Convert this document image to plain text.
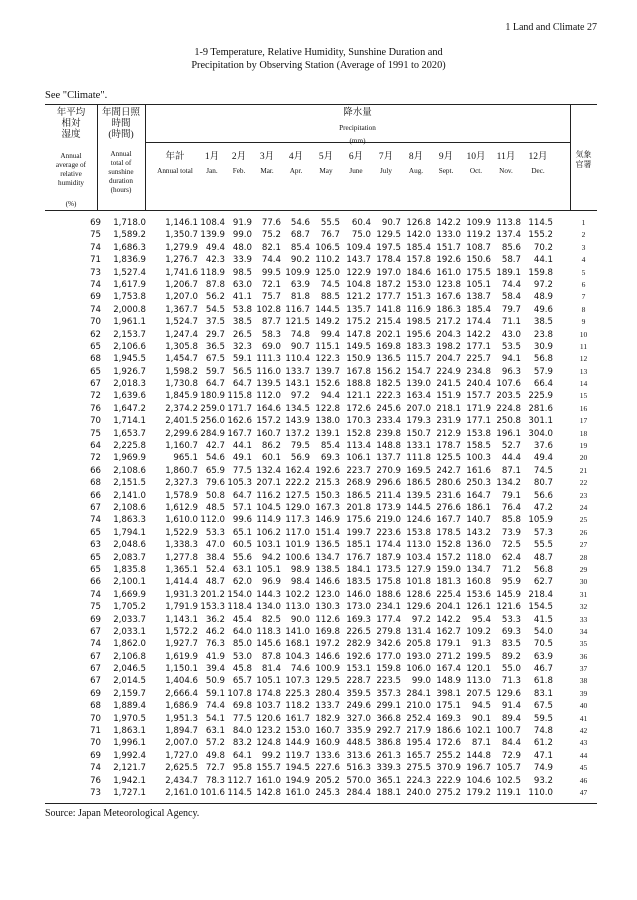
1 Land and Climate 27
1-9 Temperature, Relative Humidity, Sunshine Duration and
Precipitation by Observing Station (Average of 1991 to 2020)
See "Climate".
年平均
相対
湿度
Annual
average of
relative
humidity
(%)
年間日照
時間
(時間)
Annual
total of
sunshine
duration
(hours)
降水量
Precipitation
(mm)
気象
官署
年計
Annual total
1月
Jan.
2月
Feb.
3月
Mar.
4月
Apr.
5月
May
6月
June
7月
July
8月
Aug.
9月
Sept.
10月
Oct.
11月
Nov.
12月
Dec.
69 1,718.0 1,146.1 108.4 91.9 77.6 54.6 55.5 60.4 90.7 126.8 142.2 109.9 113.8 114.5	1
75 1,589.2 1,350.7 139.9 99.0 75.2 68.7 76.7 75.0 129.5 142.0 133.0 119.2 137.4 155.2	2
74 1,686.3 1,279.9 49.4 48.0 82.1 85.4 106.5 109.4 197.5 185.4 151.7 108.7 85.6 70.2	3
71 1,836.9 1,276.7 42.3 33.9 74.4 90.2 110.2 143.7 178.4 157.8 192.6 150.6 58.7 44.1	4
73 1,527.4 1,741.6 118.9 98.5 99.5 109.9 125.0 122.9 197.0 184.6 161.0 175.5 189.1 159.8	5
74 1,617.9 1,206.7 87.8 63.0 72.1 63.9 74.5 104.8 187.2 153.0 123.8 105.1 74.4 97.2	6
69 1,753.8 1,207.0 56.2 41.1 75.7 81.8 88.5 121.2 177.7 151.3 167.6 138.7 58.4 48.9	7
74 2,000.8 1,367.7 54.5 53.8 102.8 116.7 144.5 135.7 141.8 116.9 186.3 185.4 79.7 49.6	8
70 1,961.1 1,524.7 37.5 38.5 87.7 121.5 149.2 175.2 215.4 198.5 217.2 174.4 71.1 38.5	9
62 2,153.7 1,247.4 29.7 26.5 58.3 74.8 99.4 147.8 202.1 195.6 204.3 142.2 43.0 23.8	10
65 2,106.6 1,305.8 36.5 32.3 69.0 90.7 115.1 149.5 169.8 183.3 198.2 177.1 53.5 30.9	11
68 1,945.5 1,454.7 67.5 59.1 111.3 110.4 122.3 150.9 136.5 115.7 204.7 225.7 94.1 56.8	12
65 1,926.7 1,598.2 59.7 56.5 116.0 133.7 139.7 167.8 156.2 154.7 224.9 234.8 96.3 57.9	13
67 2,018.3 1,730.8 64.7 64.7 139.5 143.1 152.6 188.8 182.5 139.0 241.5 240.4 107.6 66.4	14
72 1,639.6 1,845.9 180.9 115.8 112.0 97.2 94.4 121.1 222.3 163.4 151.9 157.7 203.5 225.9	15
76 1,647.2 2,374.2 259.0 171.7 164.6 134.5 122.8 172.6 245.6 207.0 218.1 171.9 224.8 281.6	16
70 1,714.1 2,401.5 256.0 162.6 157.2 143.9 138.0 170.3 233.4 179.3 231.9 177.1 250.8 301.1	17
75 1,653.7 2,299.6 284.9 167.7 160.7 137.2 139.1 152.8 239.8 150.7 212.9 153.8 196.1 304.0	18
64 2,225.8 1,160.7 42.7 44.1 86.2 79.5 85.4 113.4 148.8 133.1 178.7 158.5 52.7 37.6	19
72 1,969.9	965.1 54.6 49.1 60.1 56.9 69.3 106.1 137.7 111.8 125.5 100.3 44.4 49.4	20
66 2,108.6 1,860.7 65.9 77.5 132.4 162.4 192.6 223.7 270.9 169.5 242.7 161.6 87.1 74.5	21
68 2,151.5 2,327.3 79.6 105.3 207.1 222.2 215.3 268.9 296.6 186.5 280.6 250.3 134.2 80.7	22
66 2,141.0 1,578.9 50.8 64.7 116.2 127.5 150.3 186.5 211.4 139.5 231.6 164.7 79.1 56.6	23
67 2,108.6 1,612.9 48.5 57.1 104.5 129.0 167.3 201.8 173.9 144.5 276.6 186.1 76.4 47.2	24
74 1,863.3 1,610.0 112.0 99.6 114.9 117.3 146.9 175.6 219.0 124.6 167.7 140.7 85.8 105.9	25
65 1,794.1 1,522.9 53.3 65.1 106.2 117.0 151.4 199.7 223.6 153.8 178.5 143.2 73.9 57.3	26
63 2,048.6 1,338.3 47.0 60.5 103.1 101.9 136.5 185.1 174.4 113.0 152.8 136.0 72.5 55.5	27
65 2,083.7 1,277.8 38.4 55.6 94.2 100.6 134.7 176.7 187.9 103.4 157.2 118.0 62.4 48.7	28
65 1,835.8 1,365.1 52.4 63.1 105.1 98.9 138.5 184.1 173.5 127.9 159.0 134.7 71.2 56.8	29
66 2,100.1 1,414.4 48.7 62.0 96.9 98.4 146.6 183.5 175.8 101.8 181.3 160.8 95.9 62.7	30
74 1,669.9 1,931.3 201.2 154.0 144.3 102.2 123.0 146.0 188.6 128.6 225.4 153.6 145.9 218.4	31
75 1,705.2 1,791.9 153.3 118.4 134.0 113.0 130.3 173.0 234.1 129.6 204.1 126.1 121.6 154.5	32
69 2,033.7 1,143.1 36.2 45.4 82.5 90.0 112.6 169.3 177.4 97.2 142.2 95.4 53.3 41.5	33
67 2,033.1 1,572.2 46.2 64.0 118.3 141.0 169.8 226.5 279.8 131.4 162.7 109.2 69.3 54.0	34
74 1,862.0 1,927.7 76.3 85.0 145.6 168.1 197.2 282.9 342.6 205.8 179.1 91.3 83.5 70.5	35
67 2,106.8 1,619.9 41.9 53.0 87.8 104.3 146.6 192.6 177.0 193.0 271.2 199.5 89.2 63.9	36
67 2,046.5 1,150.1 39.4 45.8 81.4 74.6 100.9 153.1 159.8 106.0 167.4 120.1 55.0 46.7	37
67 2,014.5 1,404.6 50.9 65.7 105.1 107.3 129.5 228.7 223.5 99.0 148.9 113.0 71.3 61.8	38
69 2,159.7 2,666.4 59.1 107.8 174.8 225.3 280.4 359.5 357.3 284.1 398.1 207.5 129.6 83.1	39
68 1,889.4 1,686.9 74.4 69.8 103.7 118.2 133.7 249.6 299.1 210.0 175.1 94.5 91.4 67.5	40
70 1,970.5 1,951.3 54.1 77.5 120.6 161.7 182.9 327.0 366.8 252.4 169.3 90.1 89.4 59.5	41
71 1,863.1 1,894.7 63.1 84.0 123.2 153.0 160.7 335.9 292.7 217.9 186.6 102.1 100.7 74.8	42
70 1,996.1 2,007.0 57.2 83.2 124.8 144.9 160.9 448.5 386.8 195.4 172.6 87.1 84.4 61.2	43
69 1,992.4 1,727.0 49.8 64.1 99.2 119.7 133.6 313.6 261.3 165.7 255.2 144.8 72.9 47.1	44
74 2,121.7 2,625.5 72.7 95.8 155.7 194.5 227.6 516.3 339.3 275.5 370.9 196.7 105.7 74.9	45
76 1,942.1 2,434.7 78.3 112.7 161.0 194.9 205.2 570.0 365.1 224.3 222.9 104.6 102.5 93.2	46
73 1,727.1 2,161.0 101.6 114.5 142.8 161.0 245.3 284.4 188.1 240.0 275.2 179.2 119.1 110.0	47
Source: Japan Meteorological Agency.
